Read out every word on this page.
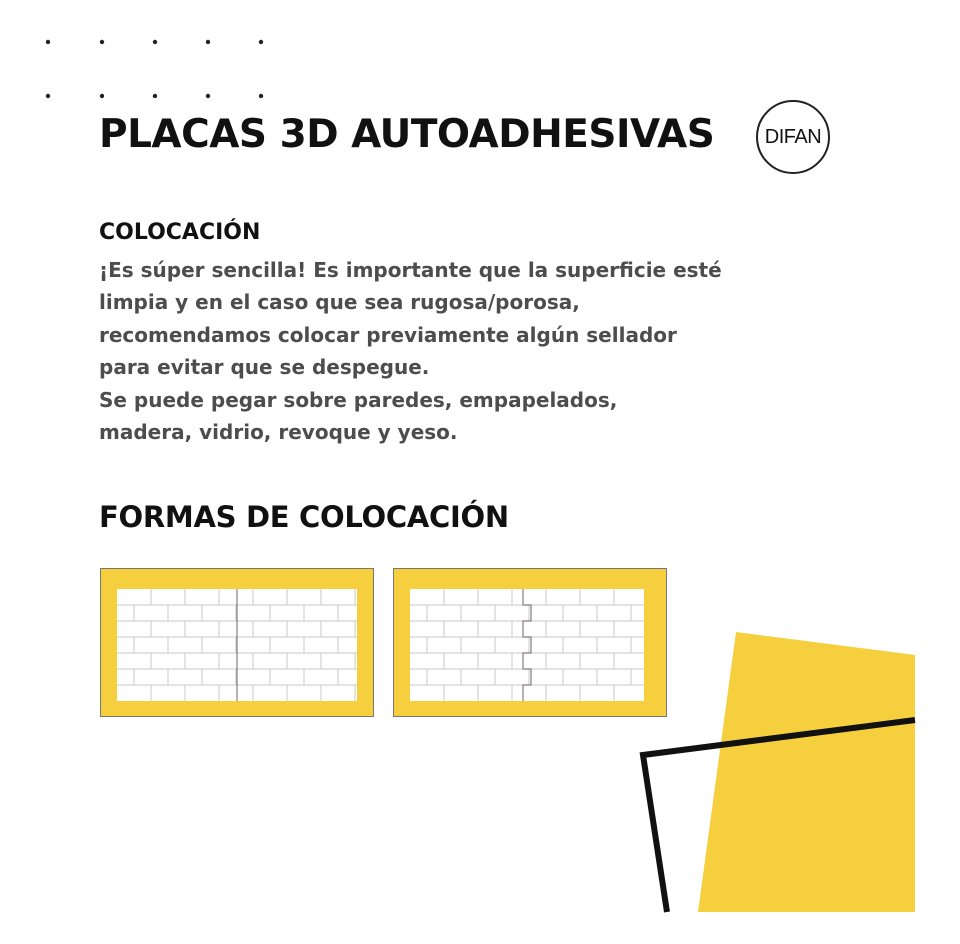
PLACAS 3D AUTOADHESIVAS	DIFAN
COLOCACIÓN

¡Es súper sencilla! Es importante que la superficie esté

limpia y en el caso que sea rugosa/porosa,

recomendamos colocar previamente algún sellador

para evitar que se despegue.

Se puede pegar sobre paredes, empapelados,

madera, vidrio, revoque y yeso.

FORMAS DE COLOCACIÓN
